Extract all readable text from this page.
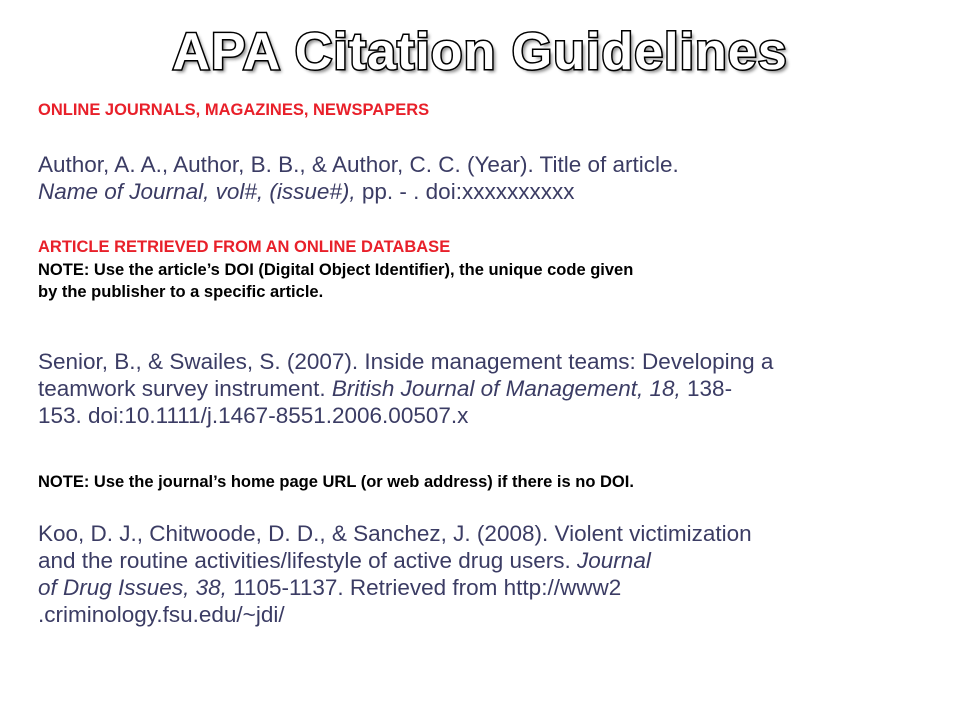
APA Citation Guidelines
ONLINE JOURNALS, MAGAZINES, NEWSPAPERS
Author, A. A., Author, B. B., & Author, C. C. (Year). Title of article.
Name of Journal, vol#, (issue#), pp. - . doi:xxxxxxxxxx
ARTICLE RETRIEVED FROM AN ONLINE DATABASE
NOTE: Use the article’s DOI (Digital Object Identifier), the unique code given
by the publisher to a specific article.
Senior, B., & Swailes, S. (2007). Inside management teams: Developing a
teamwork survey instrument. British Journal of Management, 18, 138-
153. doi:10.1111/j.1467-8551.2006.00507.x
NOTE: Use the journal’s home page URL (or web address) if there is no DOI.
Koo, D. J., Chitwoode, D. D., & Sanchez, J. (2008). Violent victimization
and the routine activities/lifestyle of active drug users. Journal
of Drug Issues, 38, 1105-1137. Retrieved from http://www2
.criminology.fsu.edu/~jdi/
